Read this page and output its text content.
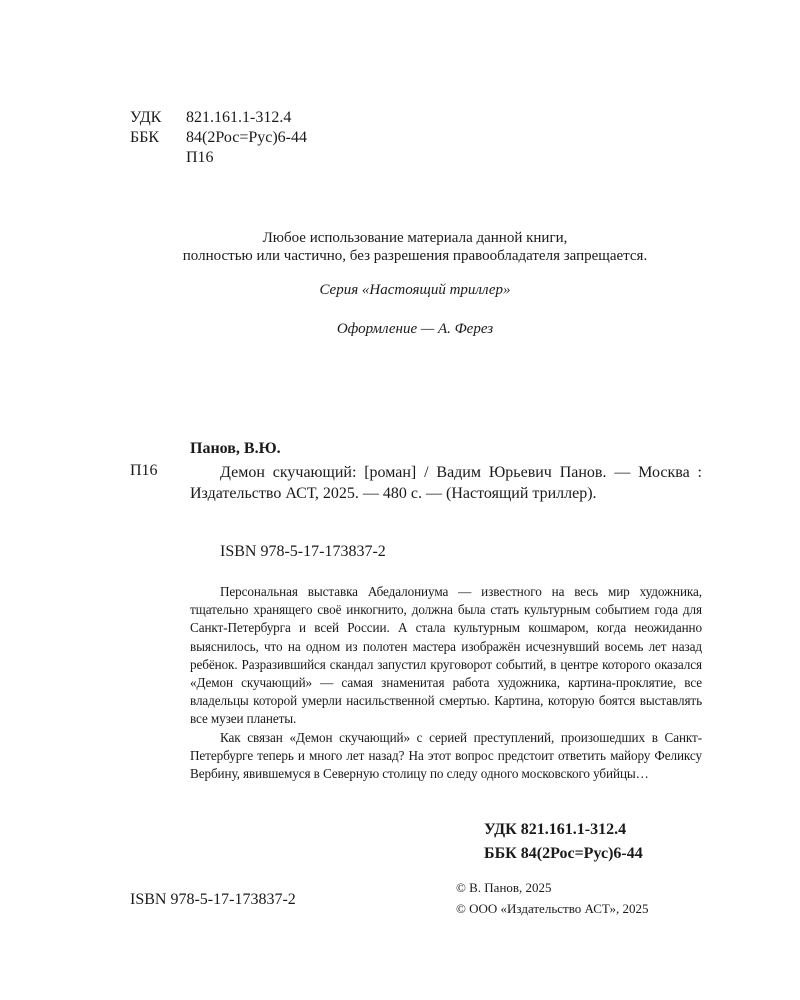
УДК 821.161.1-312.4
ББК 84(2Рос=Рус)6-44
П16
Любое использование материала данной книги,
полностью или частично, без разрешения правообладателя запрещается.
Серия «Настоящий триллер»
Оформление — А. Ферез
Панов, В.Ю.
П16	Демон скучающий: [роман] / Вадим Юрьевич Панов. — Москва : Издательство АСТ, 2025. — 480 с. — (Настоящий триллер).
ISBN 978-5-17-173837-2

Персональная выставка Абедалониума — известного на весь мир художника, тщательно хранящего своё инкогнито, должна была стать культурным событием года для Санкт-Петербурга и всей России. А стала культурным кошмаром, когда неожиданно выяснилось, что на одном из полотен мастера изображён исчезнувший восемь лет назад ребёнок. Разразившийся скандал запустил круговорот событий, в центре которого оказался «Демон скучающий» — самая знаменитая работа художника, картина-проклятие, все владельцы которой умерли насильственной смертью. Картина, которую боятся выставлять все музеи планеты.

Как связан «Демон скучающий» с серией преступлений, произошедших в Санкт-Петербурге теперь и много лет назад? На этот вопрос предстоит ответить майору Феликсу Вербину, явившемуся в Северную столицу по следу одного московского убийцы…

УДК 821.161.1-312.4
ББК 84(2Рос=Рус)6-44
ISBN 978-5-17-173837-2
© В. Панов, 2025
© ООО «Издательство АСТ», 2025
